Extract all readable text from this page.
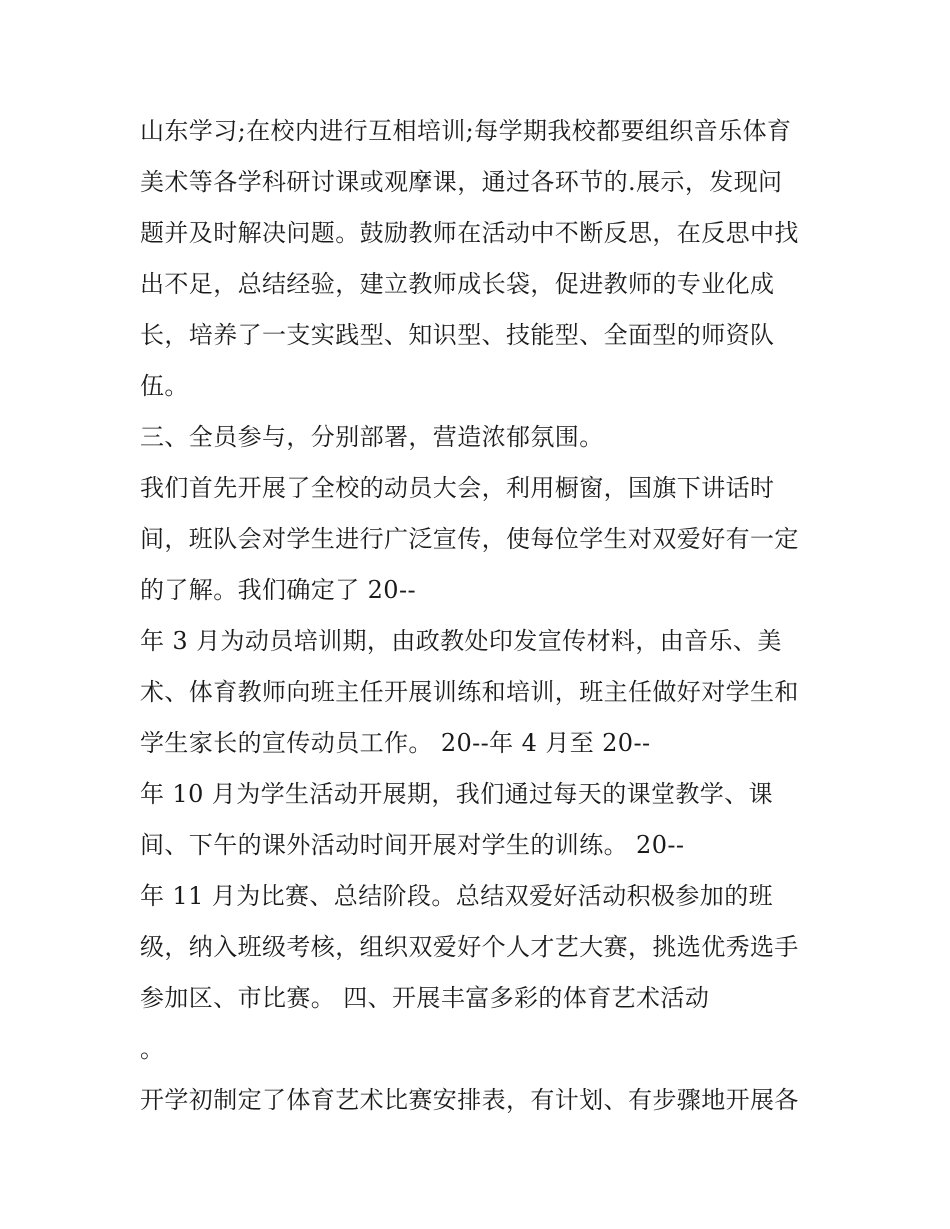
山东学习;在校内进行互相培训;每学期我校都要组织音乐体育
美术等各学科研讨课或观摩课，通过各环节的.展示，发现问
题并及时解决问题。鼓励教师在活动中不断反思，在反思中找
出不足，总结经验，建立教师成长袋，促进教师的专业化成
长，培养了一支实践型、知识型、技能型、全面型的师资队
伍。
三、全员参与，分别部署，营造浓郁氛围。
我们首先开展了全校的动员大会，利用橱窗，国旗下讲话时
间，班队会对学生进行广泛宣传，使每位学生对双爱好有一定
的了解。我们确定了 20--
年 3 月为动员培训期，由政教处印发宣传材料，由音乐、美
术、体育教师向班主任开展训练和培训，班主任做好对学生和
学生家长的宣传动员工作。 20--年 4 月至 20--
年 10 月为学生活动开展期，我们通过每天的课堂教学、课
间、下午的课外活动时间开展对学生的训练。 20--
年 11 月为比赛、总结阶段。总结双爱好活动积极参加的班
级，纳入班级考核，组织双爱好个人才艺大赛，挑选优秀选手
参加区、市比赛。 四、开展丰富多彩的体育艺术活动
。
开学初制定了体育艺术比赛安排表，有计划、有步骤地开展各
